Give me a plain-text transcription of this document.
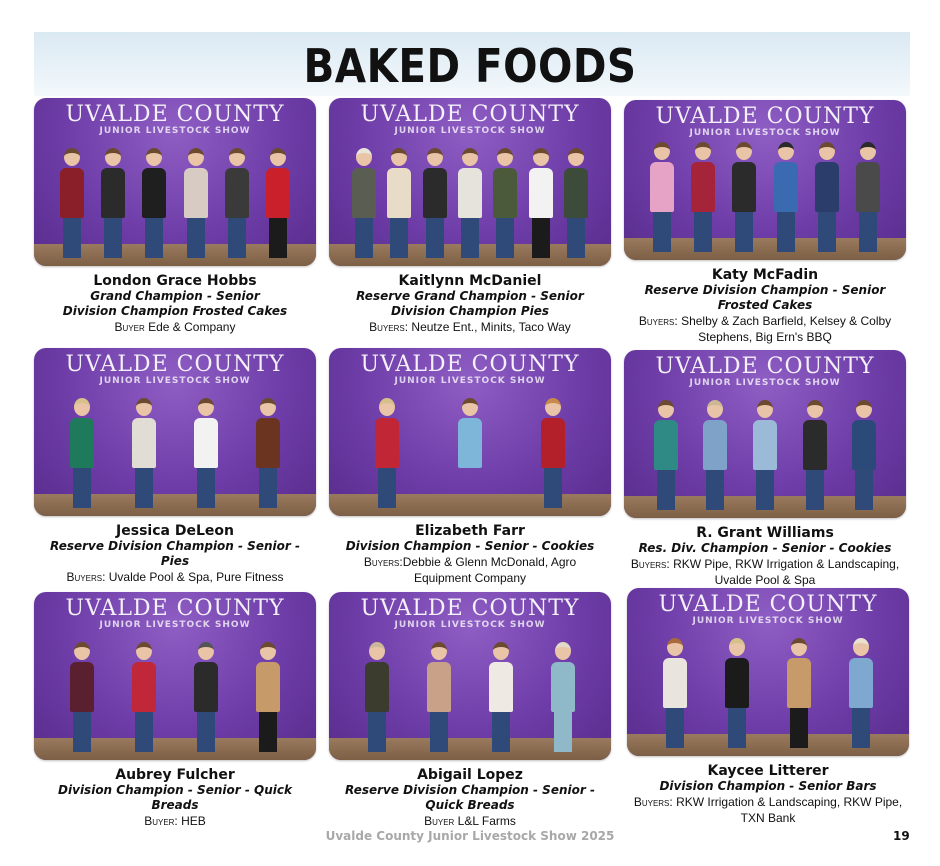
BAKED FOODS
UVALDE COUNTY
JUNIOR LIVESTOCK SHOW
London Grace Hobbs
Grand Champion - Senior
Division Champion Frosted Cakes
Buyer Ede & Company
UVALDE COUNTY
JUNIOR LIVESTOCK SHOW
Kaitlynn McDaniel
Reserve Grand Champion - Senior
Division Champion Pies
Buyers: Neutze Ent., Minits, Taco Way
UVALDE COUNTY
JUNIOR LIVESTOCK SHOW
Katy McFadin
Reserve Division Champion - Senior
Frosted Cakes
Buyers: Shelby & Zach Barfield, Kelsey & Colby
Stephens, Big Ern's BBQ
UVALDE COUNTY
JUNIOR LIVESTOCK SHOW
Jessica DeLeon
Reserve Division Champion - Senior -
Pies
Buyers: Uvalde Pool & Spa, Pure Fitness
UVALDE COUNTY
JUNIOR LIVESTOCK SHOW
Elizabeth Farr
Division Champion - Senior - Cookies
Buyers:Debbie & Glenn McDonald, Agro
Equipment Company
UVALDE COUNTY
JUNIOR LIVESTOCK SHOW
R. Grant Williams
Res. Div. Champion - Senior - Cookies
Buyers: RKW Pipe, RKW Irrigation & Landscaping,
Uvalde Pool & Spa
UVALDE COUNTY
JUNIOR LIVESTOCK SHOW
Aubrey Fulcher
Division Champion - Senior - Quick
Breads
Buyer: HEB
UVALDE COUNTY
JUNIOR LIVESTOCK SHOW
Abigail Lopez
Reserve Division Champion - Senior -
Quick Breads
Buyer L&L Farms
UVALDE COUNTY
JUNIOR LIVESTOCK SHOW
Kaycee Litterer
Division Champion - Senior Bars
Buyers: RKW Irrigation & Landscaping, RKW Pipe,
TXN Bank
Uvalde County Junior Livestock Show 2025	19
